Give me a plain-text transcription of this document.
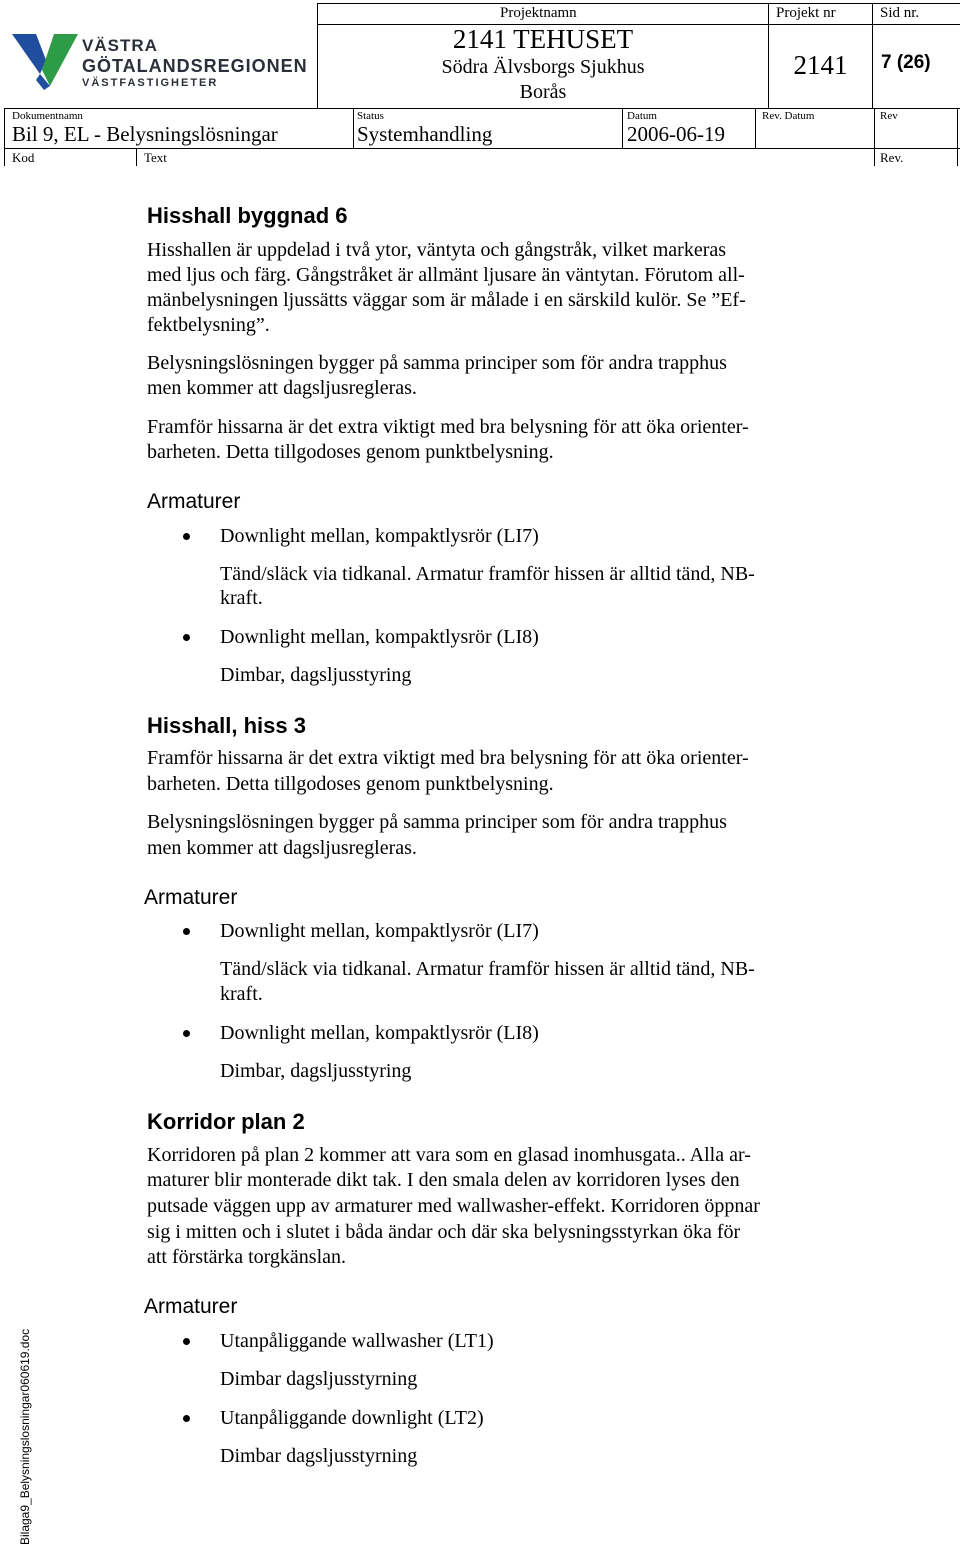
VÄSTRA
GÖTALANDSREGIONEN
VÄSTFASTIGHETER
Projektnamn	Projekt nr	Sid nr.
2141 TEHUSET
Södra Älvsborgs Sjukhus
Borås
2141	7 (26)
Dokumentnamn	Status	Datum	Rev. Datum	Rev
Bil 9, EL - Belysningslösningar	Systemhandling	2006-06-19
Kod	Text	Rev.
Hisshall byggnad 6
Hisshallen är uppdelad i två ytor, väntyta och gångstråk, vilket markeras
med ljus och färg. Gångstråket är allmänt ljusare än väntytan. Förutom all-
mänbelysningen ljussätts väggar som är målade i en särskild kulör. Se ”Ef-
fektbelysning”.
Belysningslösningen bygger på samma principer som för andra trapphus
men kommer att dagsljusregleras.
Framför hissarna är det extra viktigt med bra belysning för att öka orienter-
barheten. Detta tillgodoses genom punktbelysning.
Armaturer
Downlight mellan, kompaktlysrör (LI7)
Tänd/släck via tidkanal. Armatur framför hissen är alltid tänd, NB-
kraft.
Downlight mellan, kompaktlysrör (LI8)
Dimbar, dagsljusstyring
Hisshall, hiss 3
Framför hissarna är det extra viktigt med bra belysning för att öka orienter-
barheten. Detta tillgodoses genom punktbelysning.
Belysningslösningen bygger på samma principer som för andra trapphus
men kommer att dagsljusregleras.
Armaturer
Downlight mellan, kompaktlysrör (LI7)
Tänd/släck via tidkanal. Armatur framför hissen är alltid tänd, NB-
kraft.
Downlight mellan, kompaktlysrör (LI8)
Dimbar, dagsljusstyring
Korridor plan 2
Korridoren på plan 2 kommer att vara som en glasad inomhusgata.. Alla ar-
maturer blir monterade dikt tak. I den smala delen av korridoren lyses den
putsade väggen upp av armaturer med wallwasher-effekt. Korridoren öppnar
sig i mitten och i slutet i båda ändar och där ska belysningsstyrkan öka för
att förstärka torgkänslan.
Armaturer
Utanpåliggande wallwasher (LT1)
Dimbar dagsljusstyrning
Utanpåliggande downlight (LT2)
Dimbar dagsljusstyrning
Bilaga9_Belysningslosningar060619.doc
